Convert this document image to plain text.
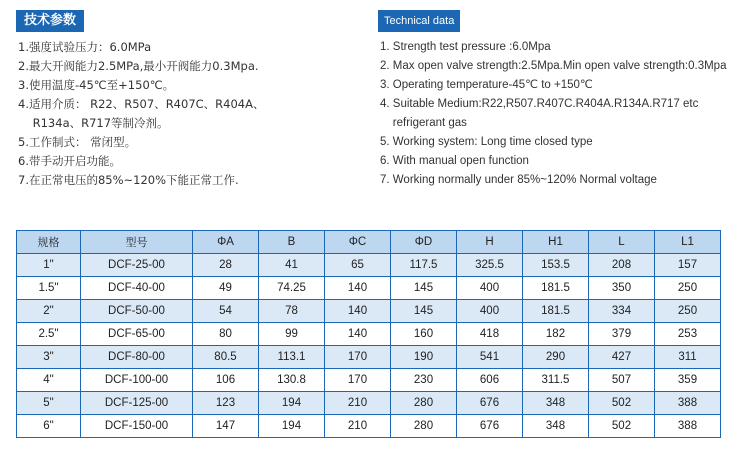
技术参数
1.强度试验压力：6.0MPa
2.最大开阀能力2.5MPa,最小开阀能力0.3Mpa.
3.使用温度-45℃至+150℃。
4.适用介质： R22、R507、R407C、R404A、
R134a、R717等制冷剂。
5.工作制式： 常闭型。
6.带手动开启功能。
7.在正常电压的85%~120%下能正常工作.
Technical data
1. Strength test pressure :6.0Mpa
2. Max open valve strength:2.5Mpa.Min open valve strength:0.3Mpa
3. Operating temperature-45℃ to +150℃
4. Suitable Medium:R22,R507.R407C.R404A.R134A.R717 etc
refrigerant gas
5. Working system: Long time closed type
6. With manual open function
7. Working normally under 85%~120% Normal voltage
规格	型号	ΦA	B	ΦC	ΦD	H	H1	L	L1
1"	DCF-25-00	28	41	65	117.5	325.5	153.5	208	157
1.5"	DCF-40-00	49	74.25	140	145	400	181.5	350	250
2"	DCF-50-00	54	78	140	145	400	181.5	334	250
2.5"	DCF-65-00	80	99	140	160	418	182	379	253
3"	DCF-80-00	80.5	113.1	170	190	541	290	427	311
4"	DCF-100-00	106	130.8	170	230	606	311.5	507	359
5"	DCF-125-00	123	194	210	280	676	348	502	388
6"	DCF-150-00	147	194	210	280	676	348	502	388
